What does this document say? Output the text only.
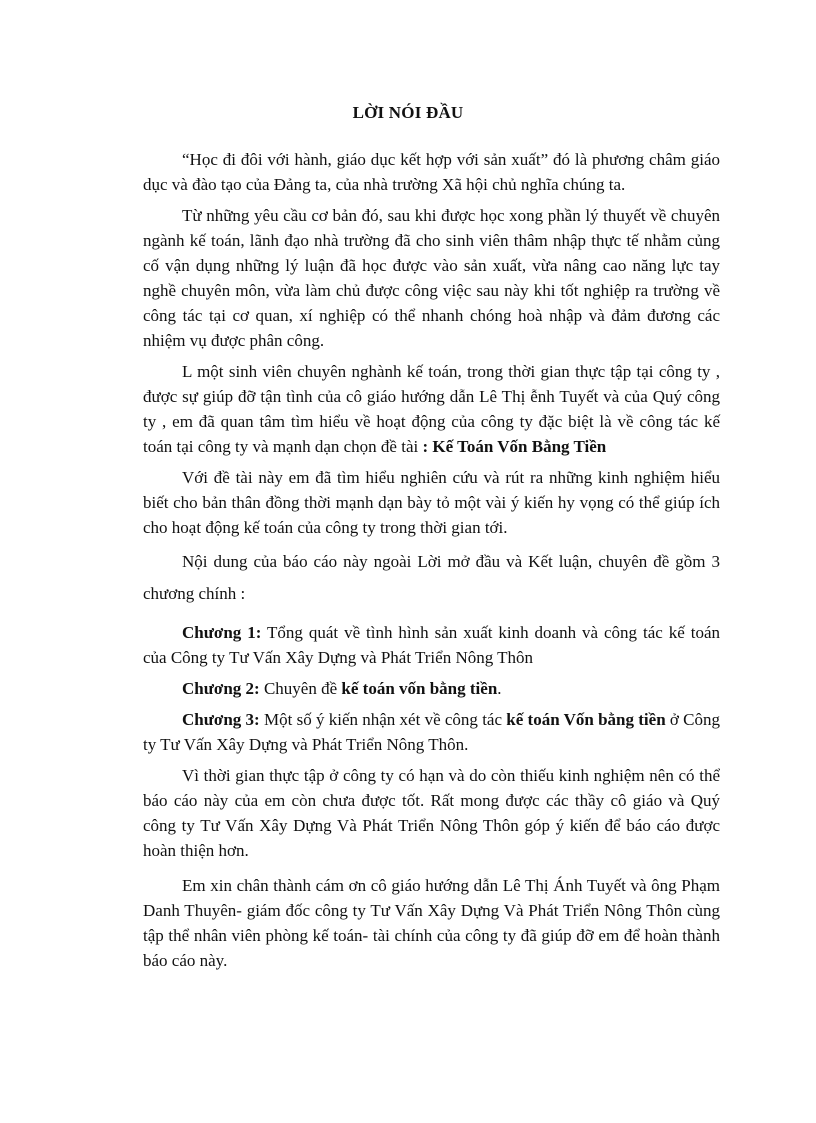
LỜI NÓI ĐẦU

“Học đi đôi với hành, giáo dục kết hợp với sản xuất” đó là phương châm giáo dục và đào tạo của Đảng ta, của nhà trường Xã hội chủ nghĩa chúng ta.

Từ những yêu cầu cơ bản đó, sau khi được học xong phần lý thuyết về chuyên ngành kế toán, lãnh đạo nhà trường đã cho sinh viên thâm nhập thực tế nhằm củng cố vận dụng những lý luận đã học được vào sản xuất, vừa nâng cao năng lực tay nghề chuyên môn, vừa làm chủ được công việc sau này khi tốt nghiệp ra trường về công tác tại cơ quan, xí nghiệp có thể nhanh chóng hoà nhập và đảm đương các nhiệm vụ được phân công.

L một sinh viên chuyên nghành kế toán, trong thời gian thực tập tại công ty , được sự giúp đỡ tận tình của cô giáo hướng dẫn Lê Thị ễnh Tuyết và của Quý công ty , em đã quan tâm tìm hiểu về hoạt động của công ty đặc biệt là về công tác kế toán tại công ty và mạnh dạn chọn đề tài : Kế Toán Vốn Bằng Tiền

Với đề tài này em đã tìm hiểu nghiên cứu và rút ra những kinh nghiệm hiểu biết cho bản thân đồng thời mạnh dạn bày tỏ một vài ý kiến hy vọng có thể giúp ích cho hoạt động kế toán của công ty trong thời gian tới.

Nội dung của báo cáo này ngoài Lời mở đầu và Kết luận, chuyên đề gồm 3 chương chính :

Chương 1: Tổng quát về tình hình sản xuất kinh doanh và công tác kế toán của Công ty Tư Vấn Xây Dựng và Phát Triển Nông Thôn

Chương 2: Chuyên đề kế toán vốn bằng tiền.

Chương 3: Một số ý kiến nhận xét về công tác kế toán Vốn bằng tiền ở Công ty Tư Vấn Xây Dựng và Phát Triển Nông Thôn.

Vì thời gian thực tập ở công ty có hạn và do còn thiếu kinh nghiệm nên có thể báo cáo này của em còn chưa được tốt. Rất mong được các thầy cô giáo và Quý công ty Tư Vấn Xây Dựng Và Phát Triển Nông Thôn góp ý kiến để báo cáo được hoàn thiện hơn.

Em xin chân thành cám ơn cô giáo hướng dẫn Lê Thị Ánh Tuyết và ông Phạm Danh Thuyên- giám đốc công ty Tư Vấn Xây Dựng Và Phát Triển Nông Thôn cùng tập thể nhân viên phòng kế toán- tài chính của công ty đã giúp đỡ em để hoàn thành báo cáo này.
